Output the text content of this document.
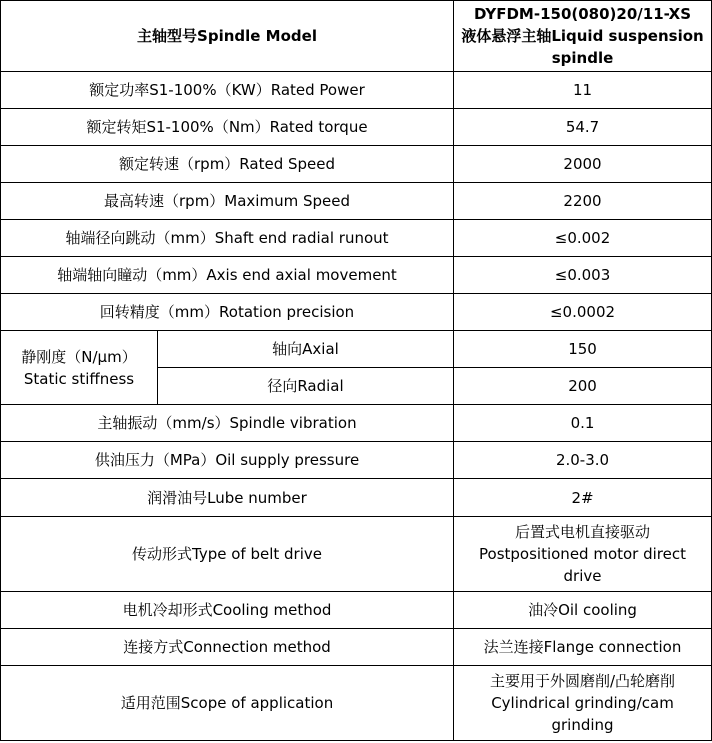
主轴型号Spindle Model		DYFDM-150(080)20/11-XS
液体悬浮主轴Liquid suspension
spindle

额定功率S1-100%（KW）Rated Power		11
额定转矩S1-100%（Nm）Rated torque		54.7
额定转速（rpm）Rated Speed		2000
最高转速（rpm）Maximum Speed		2200
轴端径向跳动（mm）Shaft end radial runout		≤0.002
轴端轴向瞳动（mm）Axis end axial movement		≤0.003
回转精度（mm）Rotation precision		≤0.0002

静刚度（N/μm）
Static stiffness	轴向Axial	150
	径向Radial	200
主轴振动（mm/s）Spindle vibration		0.1
供油压力（MPa）Oil supply pressure		2.0-3.0
润滑油号Lube number		2#
传动形式Type of belt drive		后置式电机直接驱动
Postpositioned motor direct
drive

电机冷却形式Cooling method		油冷Oil cooling
连接方式Connection method		法兰连接Flange connection
适用范围Scope of application		主要用于外圆磨削/凸轮磨削
Cylindrical grinding/cam
grinding
